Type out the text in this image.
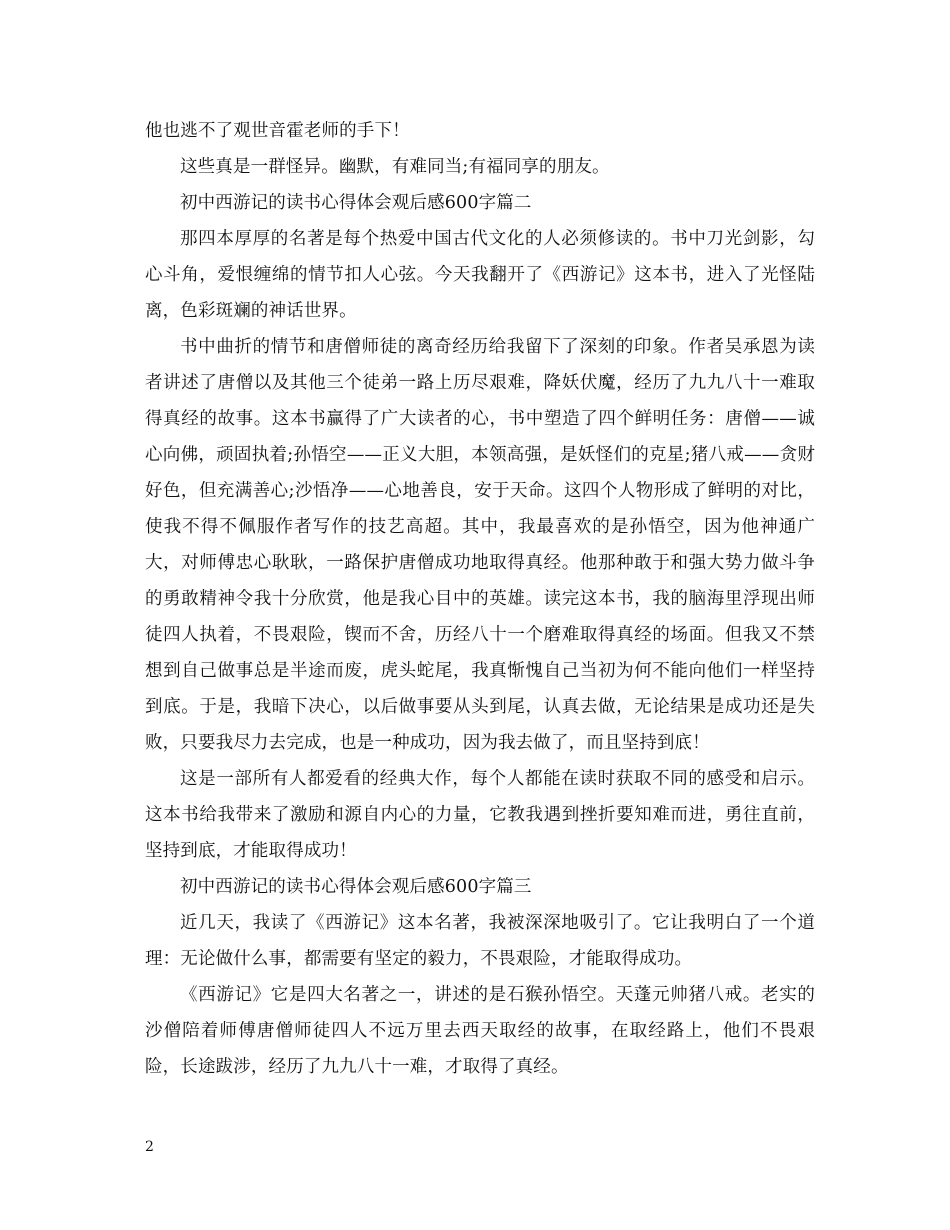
他也逃不了观世音霍老师的手下！

这些真是一群怪异。幽默，有难同当;有福同享的朋友。

初中西游记的读书心得体会观后感600字篇二

那四本厚厚的名著是每个热爱中国古代文化的人必须修读的。书中刀光剑影，勾心斗角，爱恨缠绵的情节扣人心弦。今天我翻开了《西游记》这本书，进入了光怪陆离，色彩斑斓的神话世界。

书中曲折的情节和唐僧师徒的离奇经历给我留下了深刻的印象。作者吴承恩为读者讲述了唐僧以及其他三个徒弟一路上历尽艰难，降妖伏魔，经历了九九八十一难取得真经的故事。这本书赢得了广大读者的心，书中塑造了四个鲜明任务：唐僧——诚心向佛，顽固执着;孙悟空——正义大胆，本领高强，是妖怪们的克星;猪八戒——贪财好色，但充满善心;沙悟净——心地善良，安于天命。这四个人物形成了鲜明的对比，使我不得不佩服作者写作的技艺高超。其中，我最喜欢的是孙悟空，因为他神通广大，对师傅忠心耿耿，一路保护唐僧成功地取得真经。他那种敢于和强大势力做斗争的勇敢精神令我十分欣赏，他是我心目中的英雄。读完这本书，我的脑海里浮现出师徒四人执着，不畏艰险，锲而不舍，历经八十一个磨难取得真经的场面。但我又不禁想到自己做事总是半途而废，虎头蛇尾，我真惭愧自己当初为何不能向他们一样坚持到底。于是，我暗下决心，以后做事要从头到尾，认真去做，无论结果是成功还是失败，只要我尽力去完成，也是一种成功，因为我去做了，而且坚持到底！

这是一部所有人都爱看的经典大作，每个人都能在读时获取不同的感受和启示。这本书给我带来了激励和源自内心的力量，它教我遇到挫折要知难而进，勇往直前，坚持到底，才能取得成功！

初中西游记的读书心得体会观后感600字篇三

近几天，我读了《西游记》这本名著，我被深深地吸引了。它让我明白了一个道理：无论做什么事，都需要有坚定的毅力，不畏艰险，才能取得成功。

《西游记》它是四大名著之一，讲述的是石猴孙悟空。天蓬元帅猪八戒。老实的沙僧陪着师傅唐僧师徒四人不远万里去西天取经的故事，在取经路上，他们不畏艰险，长途跋涉，经历了九九八十一难，才取得了真经。

2
